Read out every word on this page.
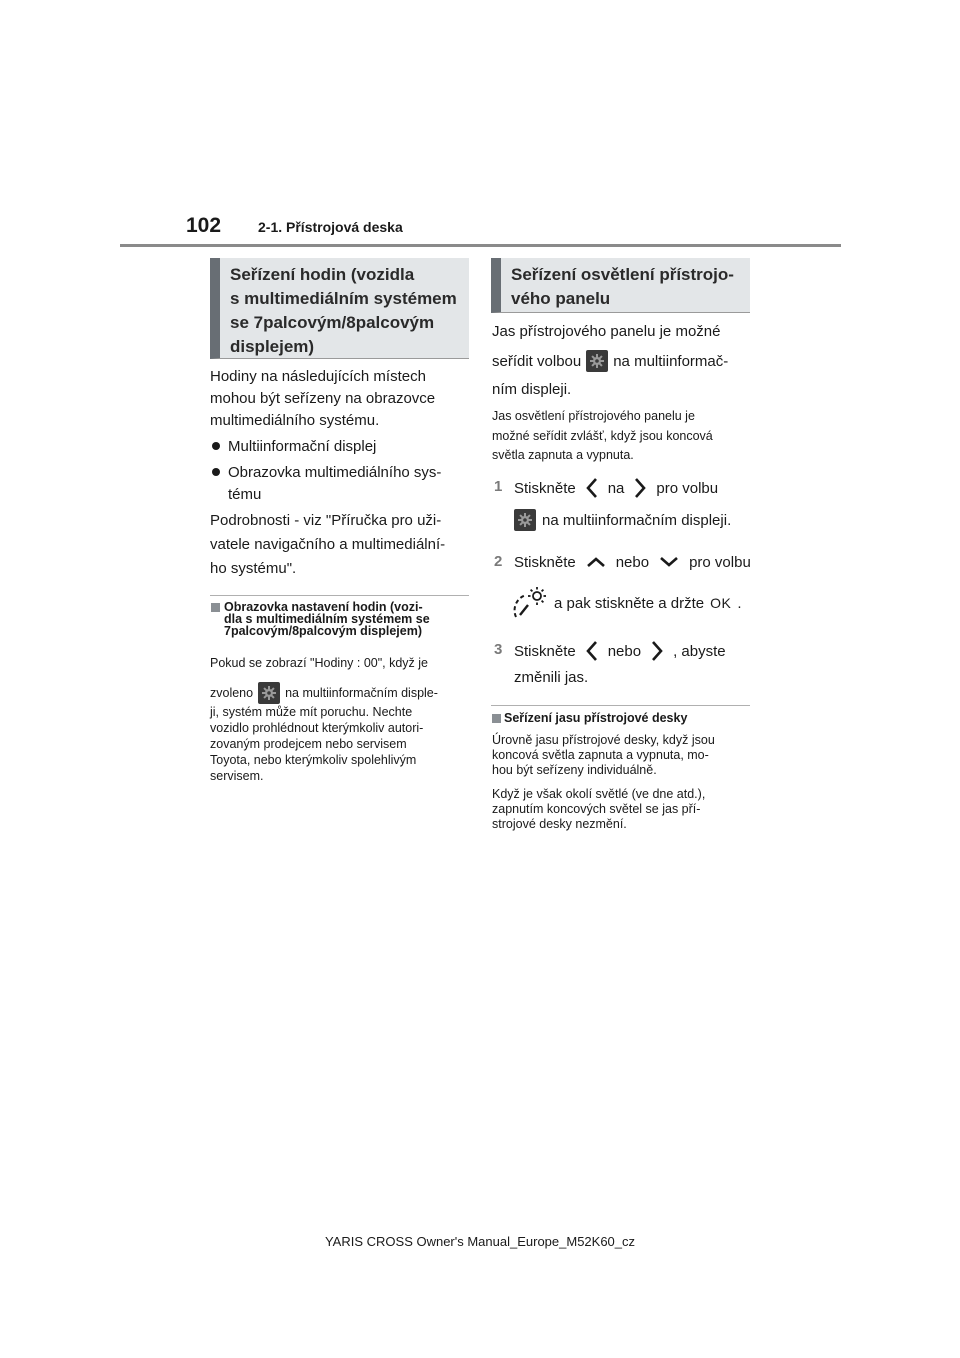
102	2-1. Přístrojová deska
Seřízení hodin (vozidla
s multimediálním systémem
se 7palcovým/8palcovým
displejem)
Hodiny na následujících místech
mohou být seřízeny na obrazovce
multimediálního systému.
Multiinformační displej
Obrazovka multimediálního sys-
tému
Podrobnosti - viz "Příručka pro uži-
vatele navigačního a multimediální-
ho systému".
Obrazovka nastavení hodin (vozi-
dla s multimediálním systémem se
7palcovým/8palcovým displejem)
Pokud se zobrazí "Hodiny : 00", když je
zvoleno	na multiinformačním disple-
ji, systém může mít poruchu. Nechte
vozidlo prohlédnout kterýmkoliv autori-
zovaným prodejcem nebo servisem
Toyota, nebo kterýmkoliv spolehlivým
servisem.
Seřízení osvětlení přístrojo-
vého panelu
Jas přístrojového panelu je možné
seřídit volbou na multiinformač-
ním displeji.
Jas osvětlení přístrojového panelu je
možné seřídit zvlášť, když jsou koncová
světla zapnuta a vypnuta.
1 Stiskněte na pro volbu
na multiinformačním displeji.
2 Stiskněte	nebo	pro volbu
a pak stiskněte a držte OK .
3 Stiskněte nebo , abyste
změnili jas.
Seřízení jasu přístrojové desky
Úrovně jasu přístrojové desky, když jsou
koncová světla zapnuta a vypnuta, mo-
hou být seřízeny individuálně.
Když je však okolí světlé (ve dne atd.),
zapnutím koncových světel se jas pří-
strojové desky nezmění.
YARIS CROSS Owner's Manual_Europe_M52K60_cz
